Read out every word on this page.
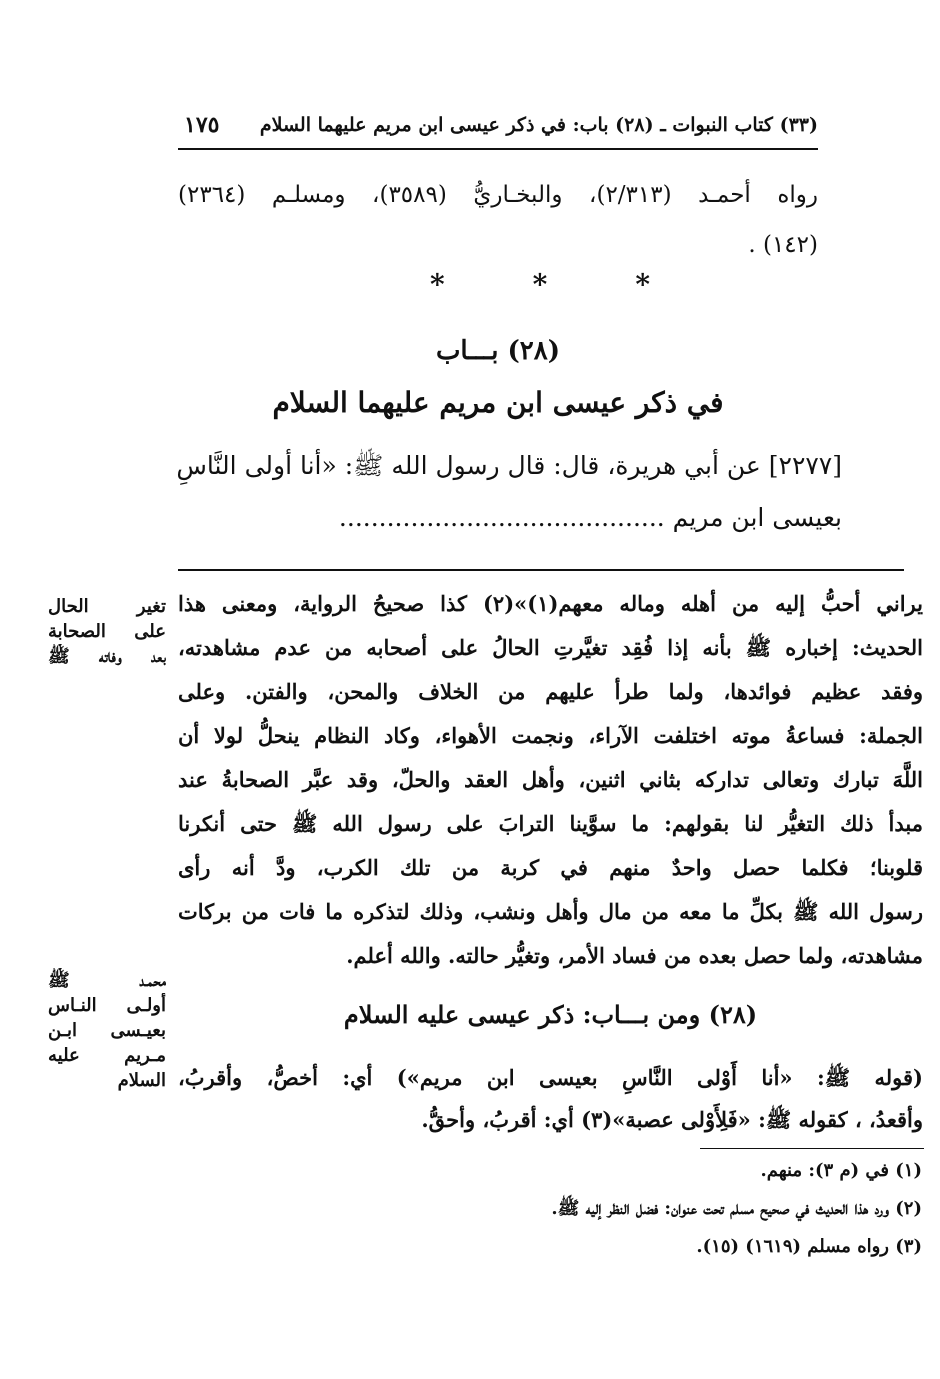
(٣٣) كتاب النبوات ـ (٢٨) باب: في ذكر عيسى ابن مريم عليهما السلام
١٧٥
رواه أحمـد (٢/٣١٣)، والبخـاريُّ (٣٥٨٩)، ومسلـم (٢٣٦٤)
(١٤٢) .
*	*	*
(٢٨) بـــاب
في ذكر عيسى ابن مريم عليهما السلام
[٢٢٧٧] عن أبي هريرة، قال: قال رسول الله ﷺ: «أنا أولى النَّاسِ
بعيسى ابن مريم .........................................
يراني أحبُّ إليه من أهله وماله معهم(١)»(٢) كذا صحيحُ الرواية، ومعنى هذا
الحديث: إخباره ﷺ بأنه إذا فُقِد تغيَّرتِ الحالُ على أصحابه من عدم مشاهدته،
وفقد عظيم فوائدها، ولما طرأ عليهم من الخلاف والمحن، والفتن. وعلى
الجملة: فساعةُ موته اختلفت الآراء، ونجمت الأهواء، وكاد النظام ينحلُّ لولا أن
اللَّهَ تبارك وتعالى تداركه بثاني اثنين، وأهل العقد والحلّ، وقد عبَّر الصحابةُ عند
مبدأ ذلك التغيُّر لنا بقولهم: ما سوَّينا الترابَ على رسول الله ﷺ حتى أنكرنا
قلوبنا؛ فكلما حصل واحدٌ منهم في كربة من تلك الكرب، ودَّ أنه رأى
رسول الله ﷺ بكلِّ ما معه من مال وأهل ونشب، وذلك لتذكره ما فات من بركات
مشاهدته، ولما حصل بعده من فساد الأمر، وتغيُّر حالته. والله أعلم.
(٢٨) ومن بـــاب: ذكر عيسى عليه السلام
(قوله ﷺ: «أنا أَوْلى النَّاسِ بعيسى ابن مريم») أي: أخصُّ، وأقربُ،
وأقعدُ، ، كقوله ﷺ: «فَلِأَوْلى عصبة»(٣) أي: أقربُ، وأحقُّ.
تغير الحال
على الصحابة
بعد وفاته ﷺ
محمـد ﷺ
أولـى النـاس
بعيـسى ابـن
مـريم عليه
السلام
(١) في (م ٣): منهم.
(٢) ورد هذا الحديث في صحيح مسلم تحت عنوان: فضل النظر إليه ﷺ.
(٣) رواه مسلم (١٦١٩) (١٥).
